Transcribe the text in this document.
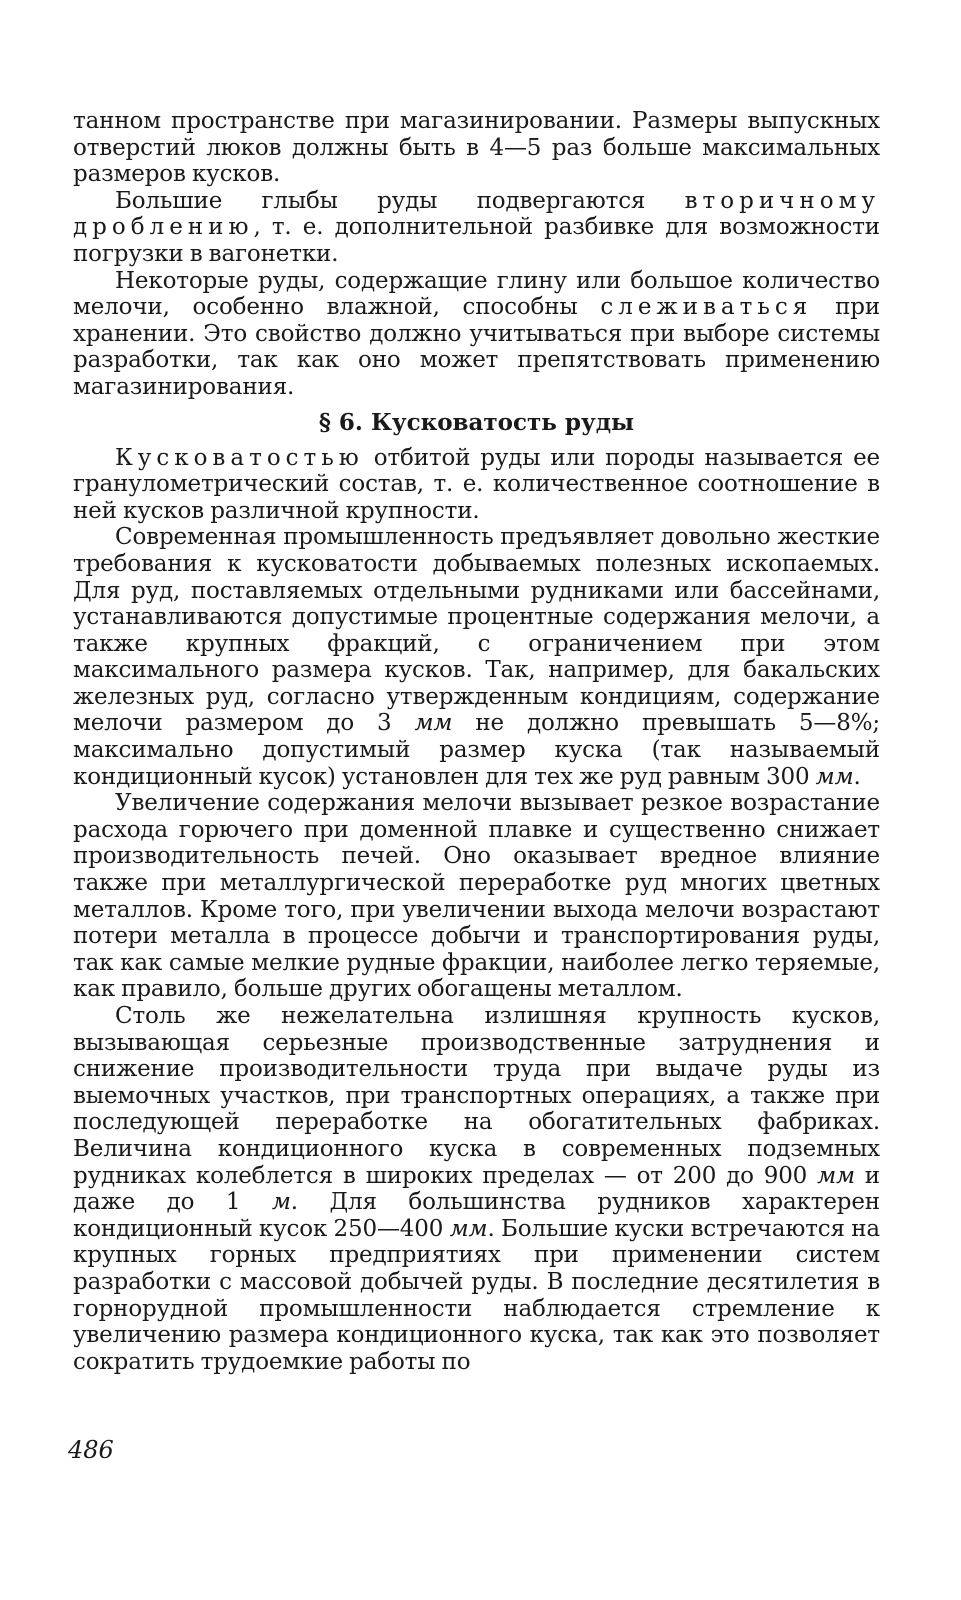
танном пространстве при магазинировании. Размеры выпускных отверстий люков должны быть в 4—5 раз больше максимальных размеров кусков.

Большие глыбы руды подвергаются вторичному дроблению, т. е. дополнительной разбивке для возможности погрузки в вагонетки.

Некоторые руды, содержащие глину или большое количество мелочи, особенно влажной, способны слеживаться при хранении. Это свойство должно учитываться при выборе системы разработки, так как оно может препятствовать применению магазинирования.

§ 6. Кусковатость руды

Кусковатостью отбитой руды или породы называется ее гранулометрический состав, т. е. количественное соотношение в ней кусков различной крупности.

Современная промышленность предъявляет довольно жесткие требования к кусковатости добываемых полезных ископаемых. Для руд, поставляемых отдельными рудниками или бассейнами, устанавливаются допустимые процентные содержания мелочи, а также крупных фракций, с ограничением при этом максимального размера кусков. Так, например, для бакальских железных руд, согласно утвержденным кондициям, содержание мелочи размером до 3 мм не должно превышать 5—8%; максимально допустимый размер куска (так называемый кондиционный кусок) установлен для тех же руд равным 300 мм.

Увеличение содержания мелочи вызывает резкое возрастание расхода горючего при доменной плавке и существенно снижает производительность печей. Оно оказывает вредное влияние также при металлургической переработке руд многих цветных металлов. Кроме того, при увеличении выхода мелочи возрастают потери металла в процессе добычи и транспортирования руды, так как самые мелкие рудные фракции, наиболее легко теряемые, как правило, больше других обогащены металлом.

Столь же нежелательна излишняя крупность кусков, вызывающая серьезные производственные затруднения и снижение производительности труда при выдаче руды из выемочных участков, при транспортных операциях, а также при последующей переработке на обогатительных фабриках. Величина кондиционного куска в современных подземных рудниках колеблется в широких пределах — от 200 до 900 мм и даже до 1 м. Для большинства рудников характерен кондиционный кусок 250—400 мм. Большие куски встречаются на крупных горных предприятиях при применении систем разработки с массовой добычей руды. В последние десятилетия в горнорудной промышленности наблюдается стремление к увеличению размера кондиционного куска, так как это позволяет сократить трудоемкие работы по

486
